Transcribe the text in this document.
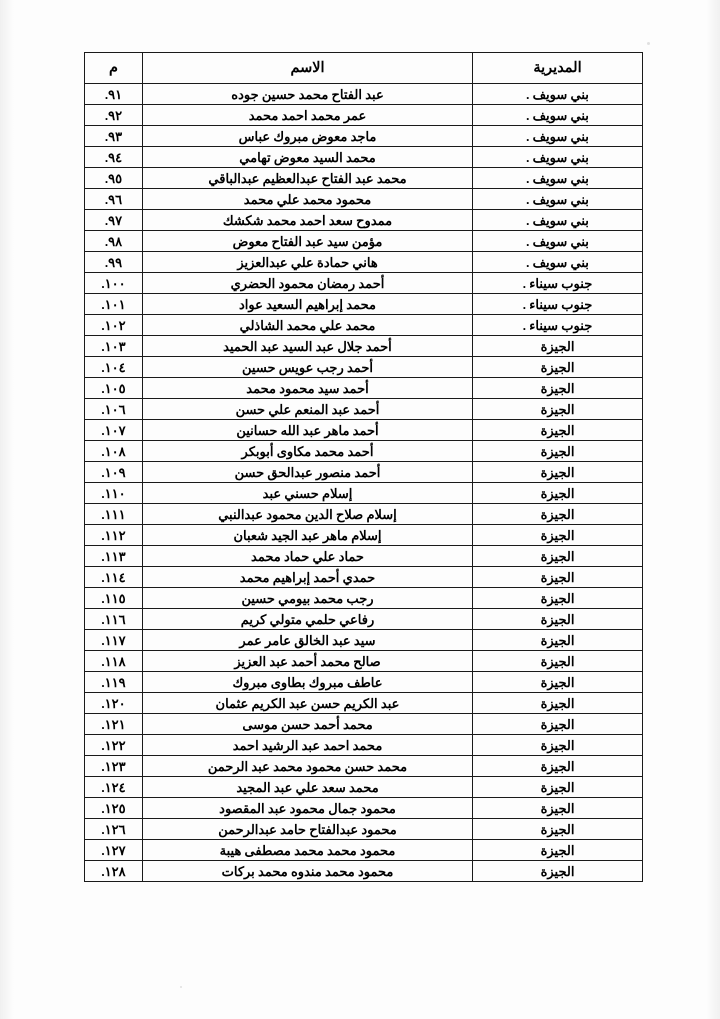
المديرية	الاسم	م
بني سويف .	عبد الفتاح محمد حسين جوده	٩١.
بني سويف .	عمر محمد احمد محمد	٩٢.
بني سويف .	ماجد معوض مبروك عباس	٩٣.
بني سويف .	محمد السيد معوض تهامي	٩٤.
بني سويف .	محمد عبد الفتاح عبدالعظيم عبدالباقي	٩٥.
بني سويف .	محمود محمد علي محمد	٩٦.
بني سويف .	ممدوح سعد احمد محمد شكشك	٩٧.
بني سويف .	مؤمن سيد عبد الفتاح معوض	٩٨.
بني سويف .	هاني حمادة علي عبدالعزيز	٩٩.
جنوب سيناء .	أحمد رمضان محمود الحضري	١٠٠.
جنوب سيناء .	محمد إبراهيم السعيد عواد	١٠١.
جنوب سيناء .	محمد علي محمد الشاذلي	١٠٢.
الجيزة	أحمد جلال عبد السيد عبد الحميد	١٠٣.
الجيزة	أحمد رجب عويس حسين	١٠٤.
الجيزة	أحمد سيد محمود محمد	١٠٥.
الجيزة	أحمد عبد المنعم علي حسن	١٠٦.
الجيزة	أحمد ماهر عبد الله حسانين	١٠٧.
الجيزة	أحمد محمد مكاوى أبوبكر	١٠٨.
الجيزة	أحمد منصور عبدالحق حسن	١٠٩.
الجيزة	إسلام حسني عبد	١١٠.
الجيزة	إسلام صلاح الدين محمود عبدالنبي	١١١.
الجيزة	إسلام ماهر عبد الجيد شعبان	١١٢.
الجيزة	حماد علي حماد محمد	١١٣.
الجيزة	حمدي أحمد إبراهيم محمد	١١٤.
الجيزة	رجب محمد بيومي حسين	١١٥.
الجيزة	رفاعي حلمي متولي كريم	١١٦.
الجيزة	سيد عبد الخالق عامر عمر	١١٧.
الجيزة	صالح محمد أحمد عبد العزيز	١١٨.
الجيزة	عاطف مبروك بطاوى مبروك	١١٩.
الجيزة	عبد الكريم حسن عبد الكريم عثمان	١٢٠.
الجيزة	محمد أحمد حسن موسى	١٢١.
الجيزة	محمد احمد عبد الرشيد احمد	١٢٢.
الجيزة	محمد حسن محمود محمد عبد الرحمن	١٢٣.
الجيزة	محمد سعد علي عبد المجيد	١٢٤.
الجيزة	محمود جمال محمود عبد المقصود	١٢٥.
الجيزة	محمود عبدالفتاح حامد عبدالرحمن	١٢٦.
الجيزة	محمود محمد محمد مصطفى هيبة	١٢٧.
الجيزة	محمود محمد مندوه محمد بركات	١٢٨.
